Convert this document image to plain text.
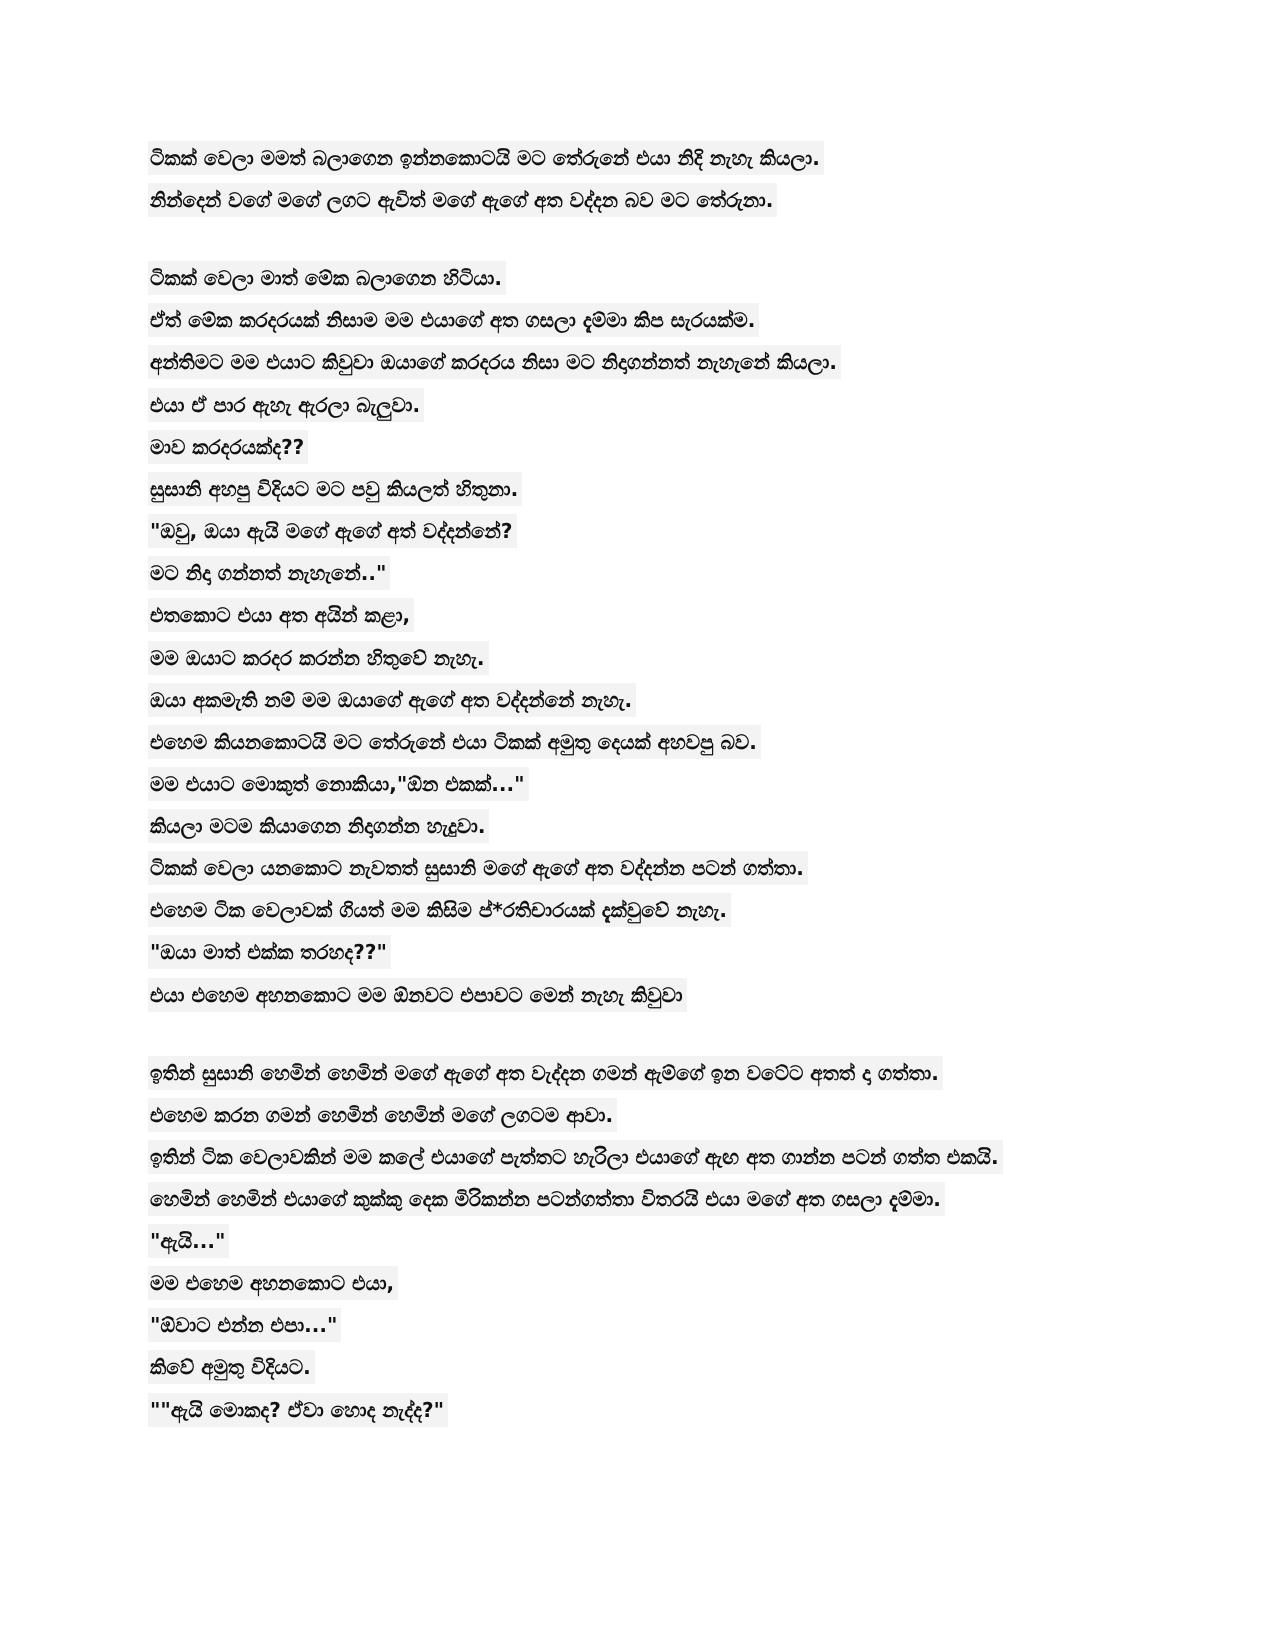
ටිකක් වෙලා මමත් බලාගෙන ඉන්නකොටයි මට තේරුනේ එයා නිදි නැහැ කියලා.
නින්දෙන් වගේ මගේ ලගට ඇවිත් මගේ ඇගේ අත වද්දන බව මට තේරුනා.
ටිකක් වෙලා මාත් මේක බලාගෙන හිටියා.
ඒත් මේක කරදරයක් නිසාම මම එයාගේ අත ගසලා දැම්මා කිප සැරයක්ම.
අන්තිමට මම එයාට කිවුවා ඔයාගේ කරදරය නිසා මට නිදාගන්නත් නැහැනේ කියලා.
එයා ඒ පාර ඇහැ ඇරලා බැලුවා.
මාව කරදරයක්ද??
සුසානි අහපු විදියට මට පවු කියලත් හිතුනා.
"ඔවු, ඔයා ඇයි මගේ ඇගේ අත් වද්දන්නේ?
මට නිදා ගන්නත් නැහැනේ.."
එතකොට එයා අත අයින් කළා,
මම ඔයාට කරදර කරන්න හිතුවේ නැහැ.
ඔයා අකමැති නම් මම ඔයාගේ ඇගේ අත වද්දන්නේ නැහැ.
එහෙම කියනකොටයි මට තේරුනේ එයා ටිකක් අමුතු දෙයක් අහවපු බව.
මම එයාට මොකුත් නොකියා,"ඕන එකක්..."
කියලා මටම කියාගෙන නිදාගන්න හැදුවා.
ටිකක් වෙලා යනකොට නැවතත් සුසානි මගේ ඇගේ අත වද්දන්න පටන් ගත්තා.
එහෙම ටික වෙලාවක් ගියත් මම කිසිම ප්*රතිචාරයක් දැක්වුවේ නැහැ.
"ඔයා මාත් එක්ක තරහද??"
එයා එහෙම අහනකොට මම ඕනවට එපාවට මෙන් නැහැ කිවුවා
ඉතින් සුසානි හෙමින් හෙමින් මගේ ඇගේ අත වැද්දන ගමන් ඇම්ගේ ඉන වටේට අතත් දා ගත්තා.
එහෙම කරන ගමන් හෙමින් හෙමින් මගේ ලගටම ආවා.
ඉතින් ටික වෙලාවකින් මම කලේ එයාගේ පැත්තට හැරිලා එයාගේ ඇඟ අත ගාන්න පටන් ගත්ත එකයි.
හෙමින් හෙමින් එයාගේ කුක්කු දෙක මිරිකන්න පටන්ගත්තා විතරයි එයා මගේ අත ගසලා දැම්මා.
"ඇයි..."
මම එහෙම අහනකොට එයා,
"ඕවාට එන්න එපා..."
කිවේ අමුතු විදියට.
""ඇයි මොකද? ඒවා හොද නැද්ද?"
